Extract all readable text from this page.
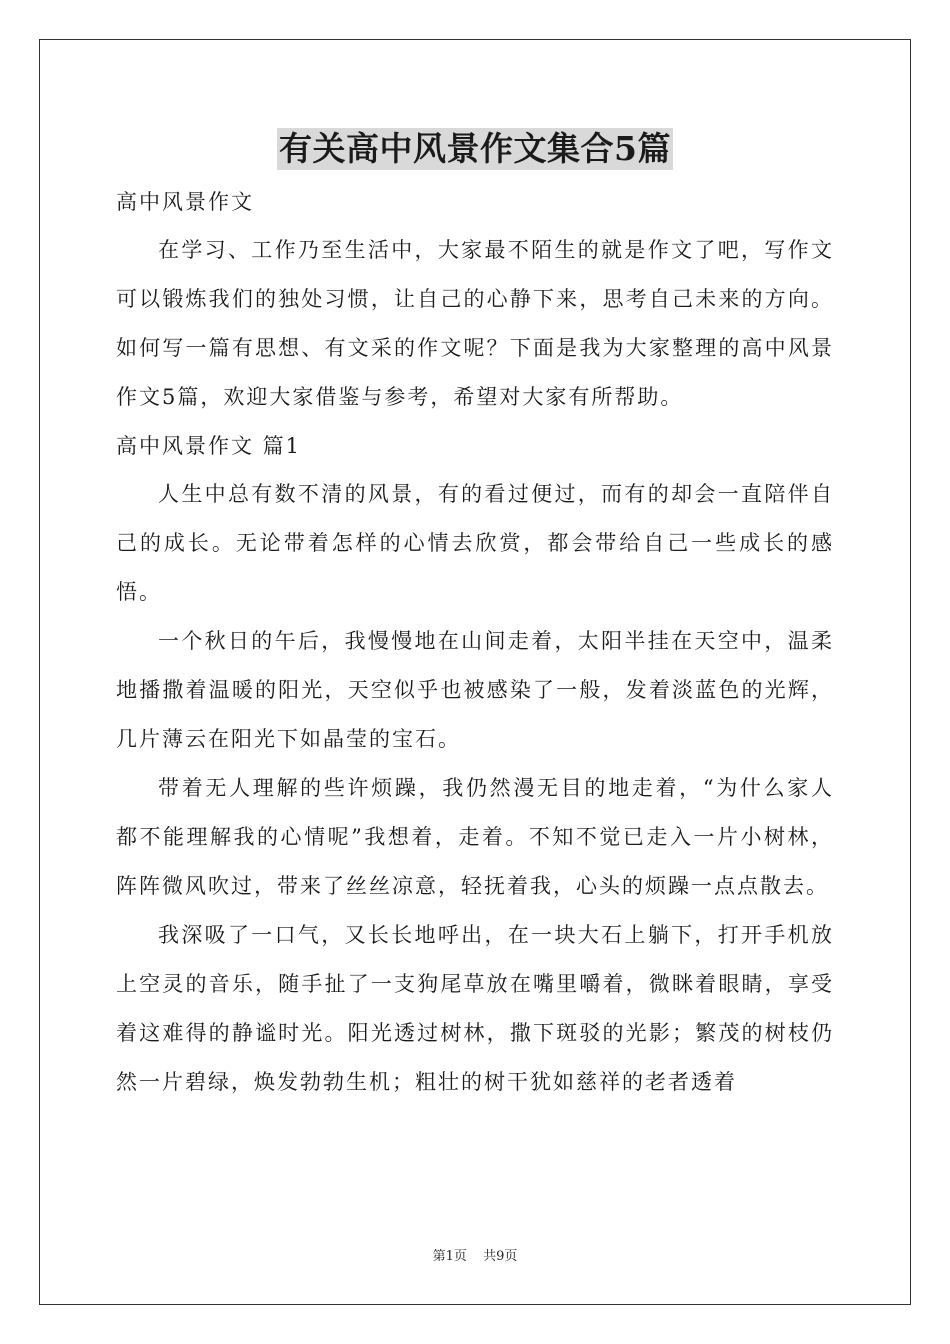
有关高中风景作文集合5篇

高中风景作文

在学习、工作乃至生活中，大家最不陌生的就是作文了吧，写作文可以锻炼我们的独处习惯，让自己的心静下来，思考自己未来的方向。如何写一篇有思想、有文采的作文呢？下面是我为大家整理的高中风景作文5篇，欢迎大家借鉴与参考，希望对大家有所帮助。

高中风景作文 篇1

人生中总有数不清的风景，有的看过便过，而有的却会一直陪伴自己的成长。无论带着怎样的心情去欣赏，都会带给自己一些成长的感悟。

一个秋日的午后，我慢慢地在山间走着，太阳半挂在天空中，温柔地播撒着温暖的阳光，天空似乎也被感染了一般，发着淡蓝色的光辉，几片薄云在阳光下如晶莹的宝石。

带着无人理解的些许烦躁，我仍然漫无目的地走着，“为什么家人都不能理解我的心情呢”我想着，走着。不知不觉已走入一片小树林，阵阵微风吹过，带来了丝丝凉意，轻抚着我，心头的烦躁一点点散去。

我深吸了一口气，又长长地呼出，在一块大石上躺下，打开手机放上空灵的音乐，随手扯了一支狗尾草放在嘴里嚼着，微眯着眼睛，享受着这难得的静谧时光。阳光透过树林，撒下斑驳的光影；繁茂的树枝仍然一片碧绿，焕发勃勃生机；粗壮的树干犹如慈祥的老者透着

第1页 共9页
